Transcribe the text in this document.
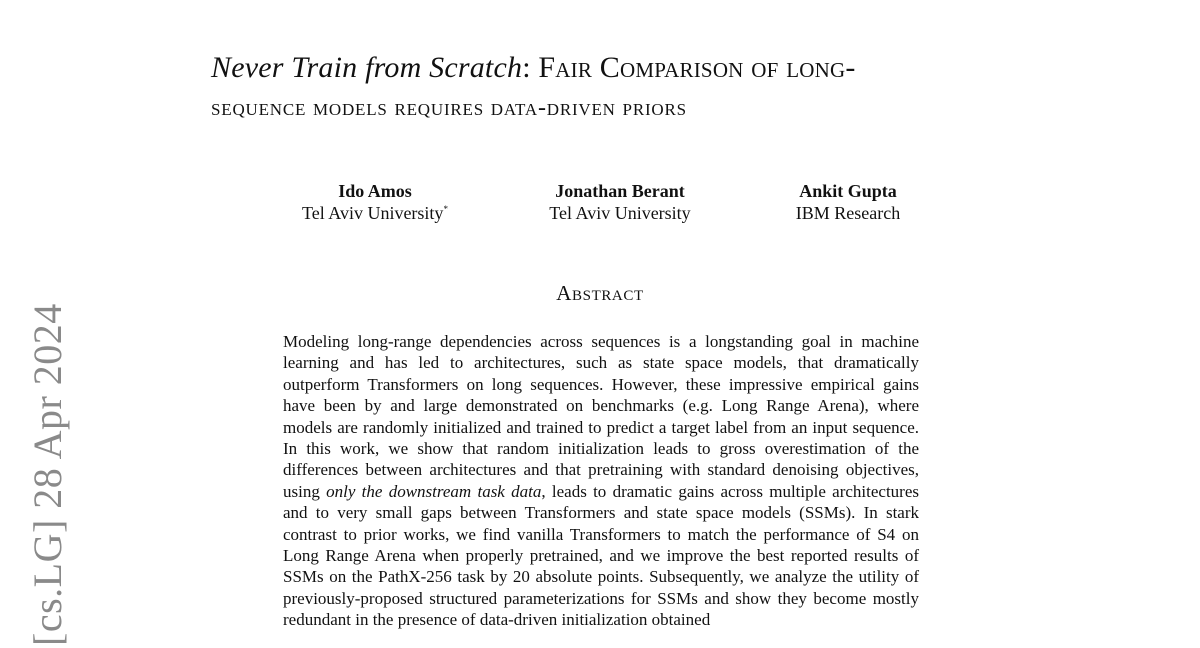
Never Train from Scratch: Fair Comparison of long-
sequence models requires data-driven priors
Ido Amos
Tel Aviv University*
Jonathan Berant
Tel Aviv University
Ankit Gupta
IBM Research
Abstract

Modeling long-range dependencies across sequences is a longstanding goal in machine learning and has led to architectures, such as state space models, that dramatically outperform Transformers on long sequences. However, these impressive empirical gains have been by and large demonstrated on benchmarks (e.g. Long Range Arena), where models are randomly initialized and trained to predict a target label from an input sequence. In this work, we show that random initialization leads to gross overestimation of the differences between architectures and that pretraining with standard denoising objectives, using only the downstream task data, leads to dramatic gains across multiple architectures and to very small gaps between Transformers and state space models (SSMs). In stark contrast to prior works, we find vanilla Transformers to match the performance of S4 on Long Range Arena when properly pretrained, and we improve the best reported results of SSMs on the PathX-256 task by 20 absolute points. Subsequently, we analyze the utility of previously-proposed structured parameterizations for SSMs and show they become mostly redundant in the presence of data-driven initialization obtained

[cs.LG] 28 Apr 2024
